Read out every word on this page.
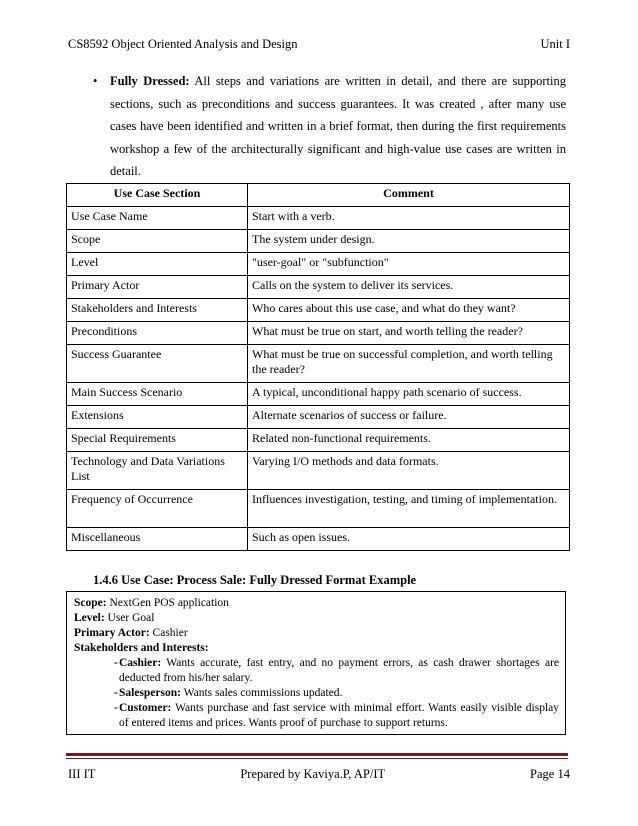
CS8592 Object Oriented Analysis and Design	Unit I
• Fully Dressed: All steps and variations are written in detail, and there are supporting sections, such as preconditions and success guarantees. It was created , after many use cases have been identified and written in a brief format, then during the first requirements workshop a few of the architecturally significant and high-value use cases are written in detail.
Use Case Section	Comment
Use Case Name	Start with a verb.
Scope	The system under design.
Level	"user-goal" or "subfunction"
Primary Actor	Calls on the system to deliver its services.
Stakeholders and Interests	Who cares about this use case, and what do they want?
Preconditions	What must be true on start, and worth telling the reader?
Success Guarantee	What must be true on successful completion, and worth telling the reader?
Main Success Scenario	A typical, unconditional happy path scenario of success.
Extensions	Alternate scenarios of success or failure.
Special Requirements	Related non-functional requirements.
Technology and Data Variations List	Varying I/O methods and data formats.
Frequency of Occurrence	Influences investigation, testing, and timing of implementation.
Miscellaneous	Such as open issues.
1.4.6 Use Case: Process Sale: Fully Dressed Format Example
Scope: NextGen POS application
Level: User Goal
Primary Actor: Cashier
Stakeholders and Interests:
- Cashier: Wants accurate, fast entry, and no payment errors, as cash drawer shortages are deducted from his/her salary.
- Salesperson: Wants sales commissions updated.
- Customer: Wants purchase and fast service with minimal effort. Wants easily visible display of entered items and prices. Wants proof of purchase to support returns.
III IT	Prepared by Kaviya.P, AP/IT	Page 14
